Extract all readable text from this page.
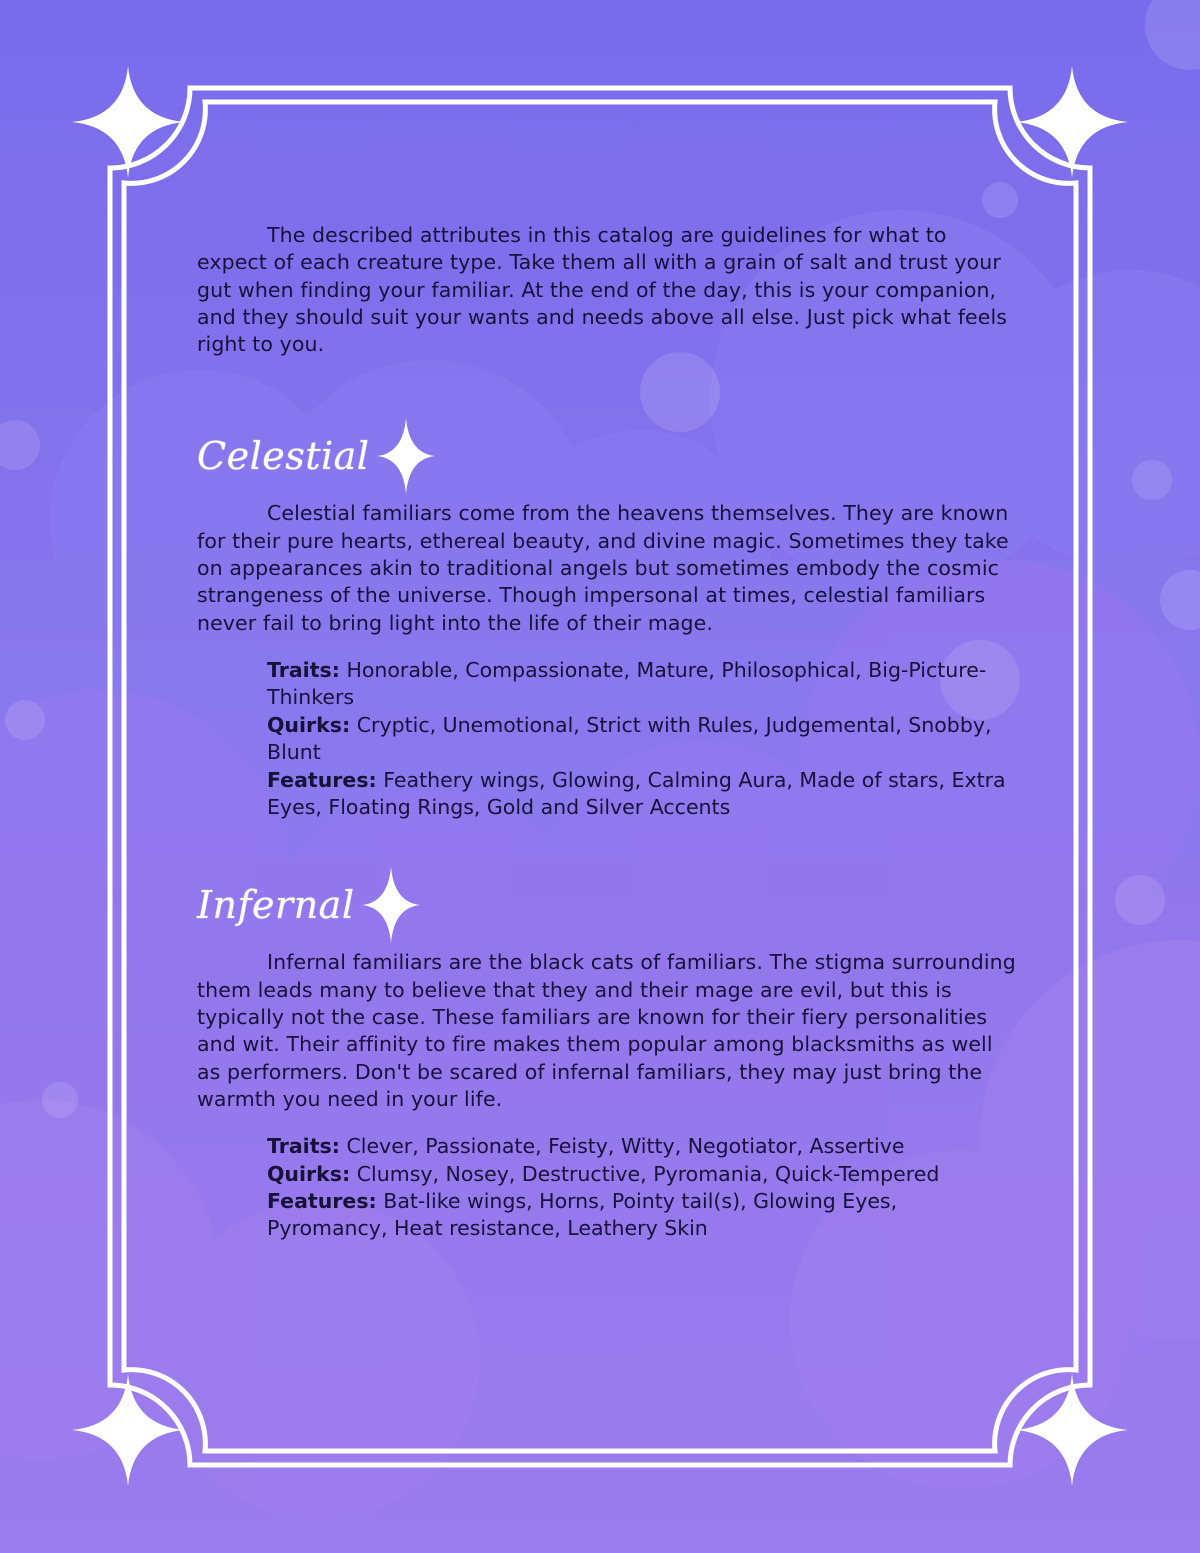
The described attributes in this catalog are guidelines for what to expect of each creature type. Take them all with a grain of salt and trust your gut when finding your familiar. At the end of the day, this is your companion, and they should suit your wants and needs above all else. Just pick what feels right to you.

Celestial

Celestial familiars come from the heavens themselves. They are known for their pure hearts, ethereal beauty, and divine magic. Sometimes they take on appearances akin to traditional angels but sometimes embody the cosmic strangeness of the universe. Though impersonal at times, celestial familiars never fail to bring light into the life of their mage.

Traits: Honorable, Compassionate, Mature, Philosophical, Big-Picture-Thinkers
Quirks: Cryptic, Unemotional, Strict with Rules, Judgemental, Snobby, Blunt
Features: Feathery wings, Glowing, Calming Aura, Made of stars, Extra Eyes, Floating Rings, Gold and Silver Accents
Infernal

Infernal familiars are the black cats of familiars. The stigma surrounding them leads many to believe that they and their mage are evil, but this is typically not the case. These familiars are known for their fiery personalities and wit. Their affinity to fire makes them popular among blacksmiths as well as performers. Don't be scared of infernal familiars, they may just bring the warmth you need in your life.

Traits: Clever, Passionate, Feisty, Witty, Negotiator, Assertive
Quirks: Clumsy, Nosey, Destructive, Pyromania, Quick-Tempered
Features: Bat-like wings, Horns, Pointy tail(s), Glowing Eyes, Pyromancy, Heat resistance, Leathery Skin
